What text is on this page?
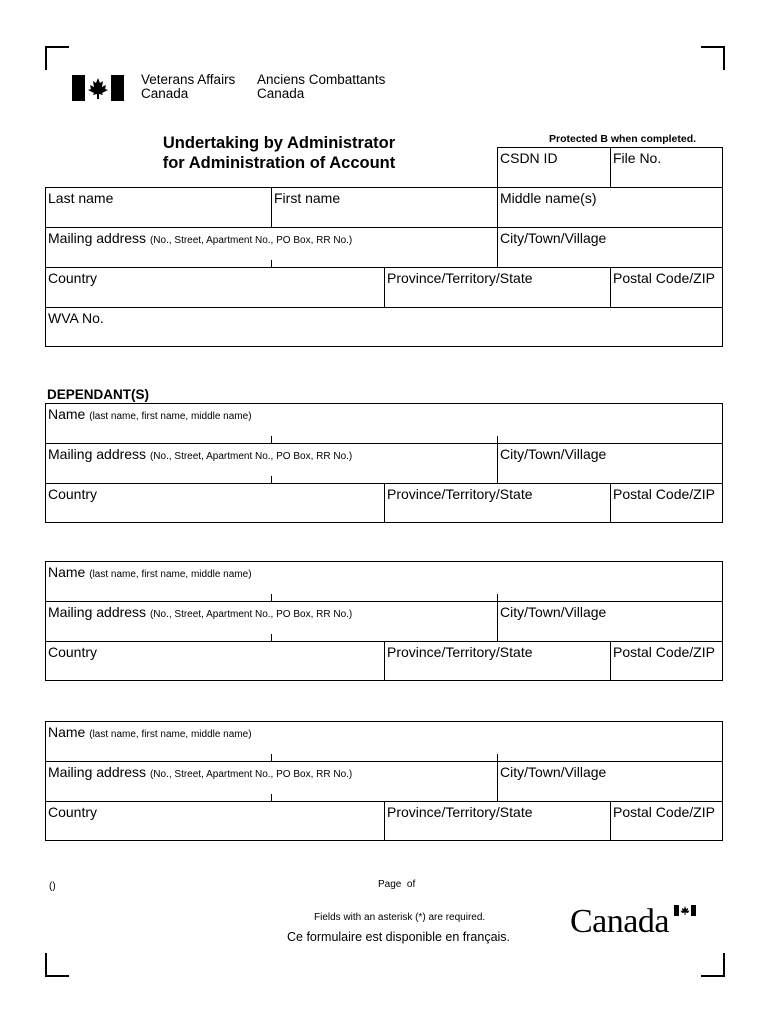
Veterans Affairs
Canada
Anciens Combattants
Canada
Undertaking by Administrator
for Administration of Account
Protected B when completed.
CSDN ID	File No.
Last name	First name	Middle name(s)
Mailing address (No., Street, Apartment No., PO Box, RR No.)	City/Town/Village
Country	Province/Territory/State	Postal Code/ZIP
WVA No.
DEPENDANT(S)
Name (last name, first name, middle name)
Mailing address (No., Street, Apartment No., PO Box, RR No.)	City/Town/Village
Country	Province/Territory/State	Postal Code/ZIP
Name (last name, first name, middle name)
Mailing address (No., Street, Apartment No., PO Box, RR No.)	City/Town/Village
Country	Province/Territory/State	Postal Code/ZIP
Name (last name, first name, middle name)
Mailing address (No., Street, Apartment No., PO Box, RR No.)	City/Town/Village
Country	Province/Territory/State	Postal Code/ZIP
()	Page  of
Fields with an asterisk (*) are required.
Ce formulaire est disponible en français. Canada
